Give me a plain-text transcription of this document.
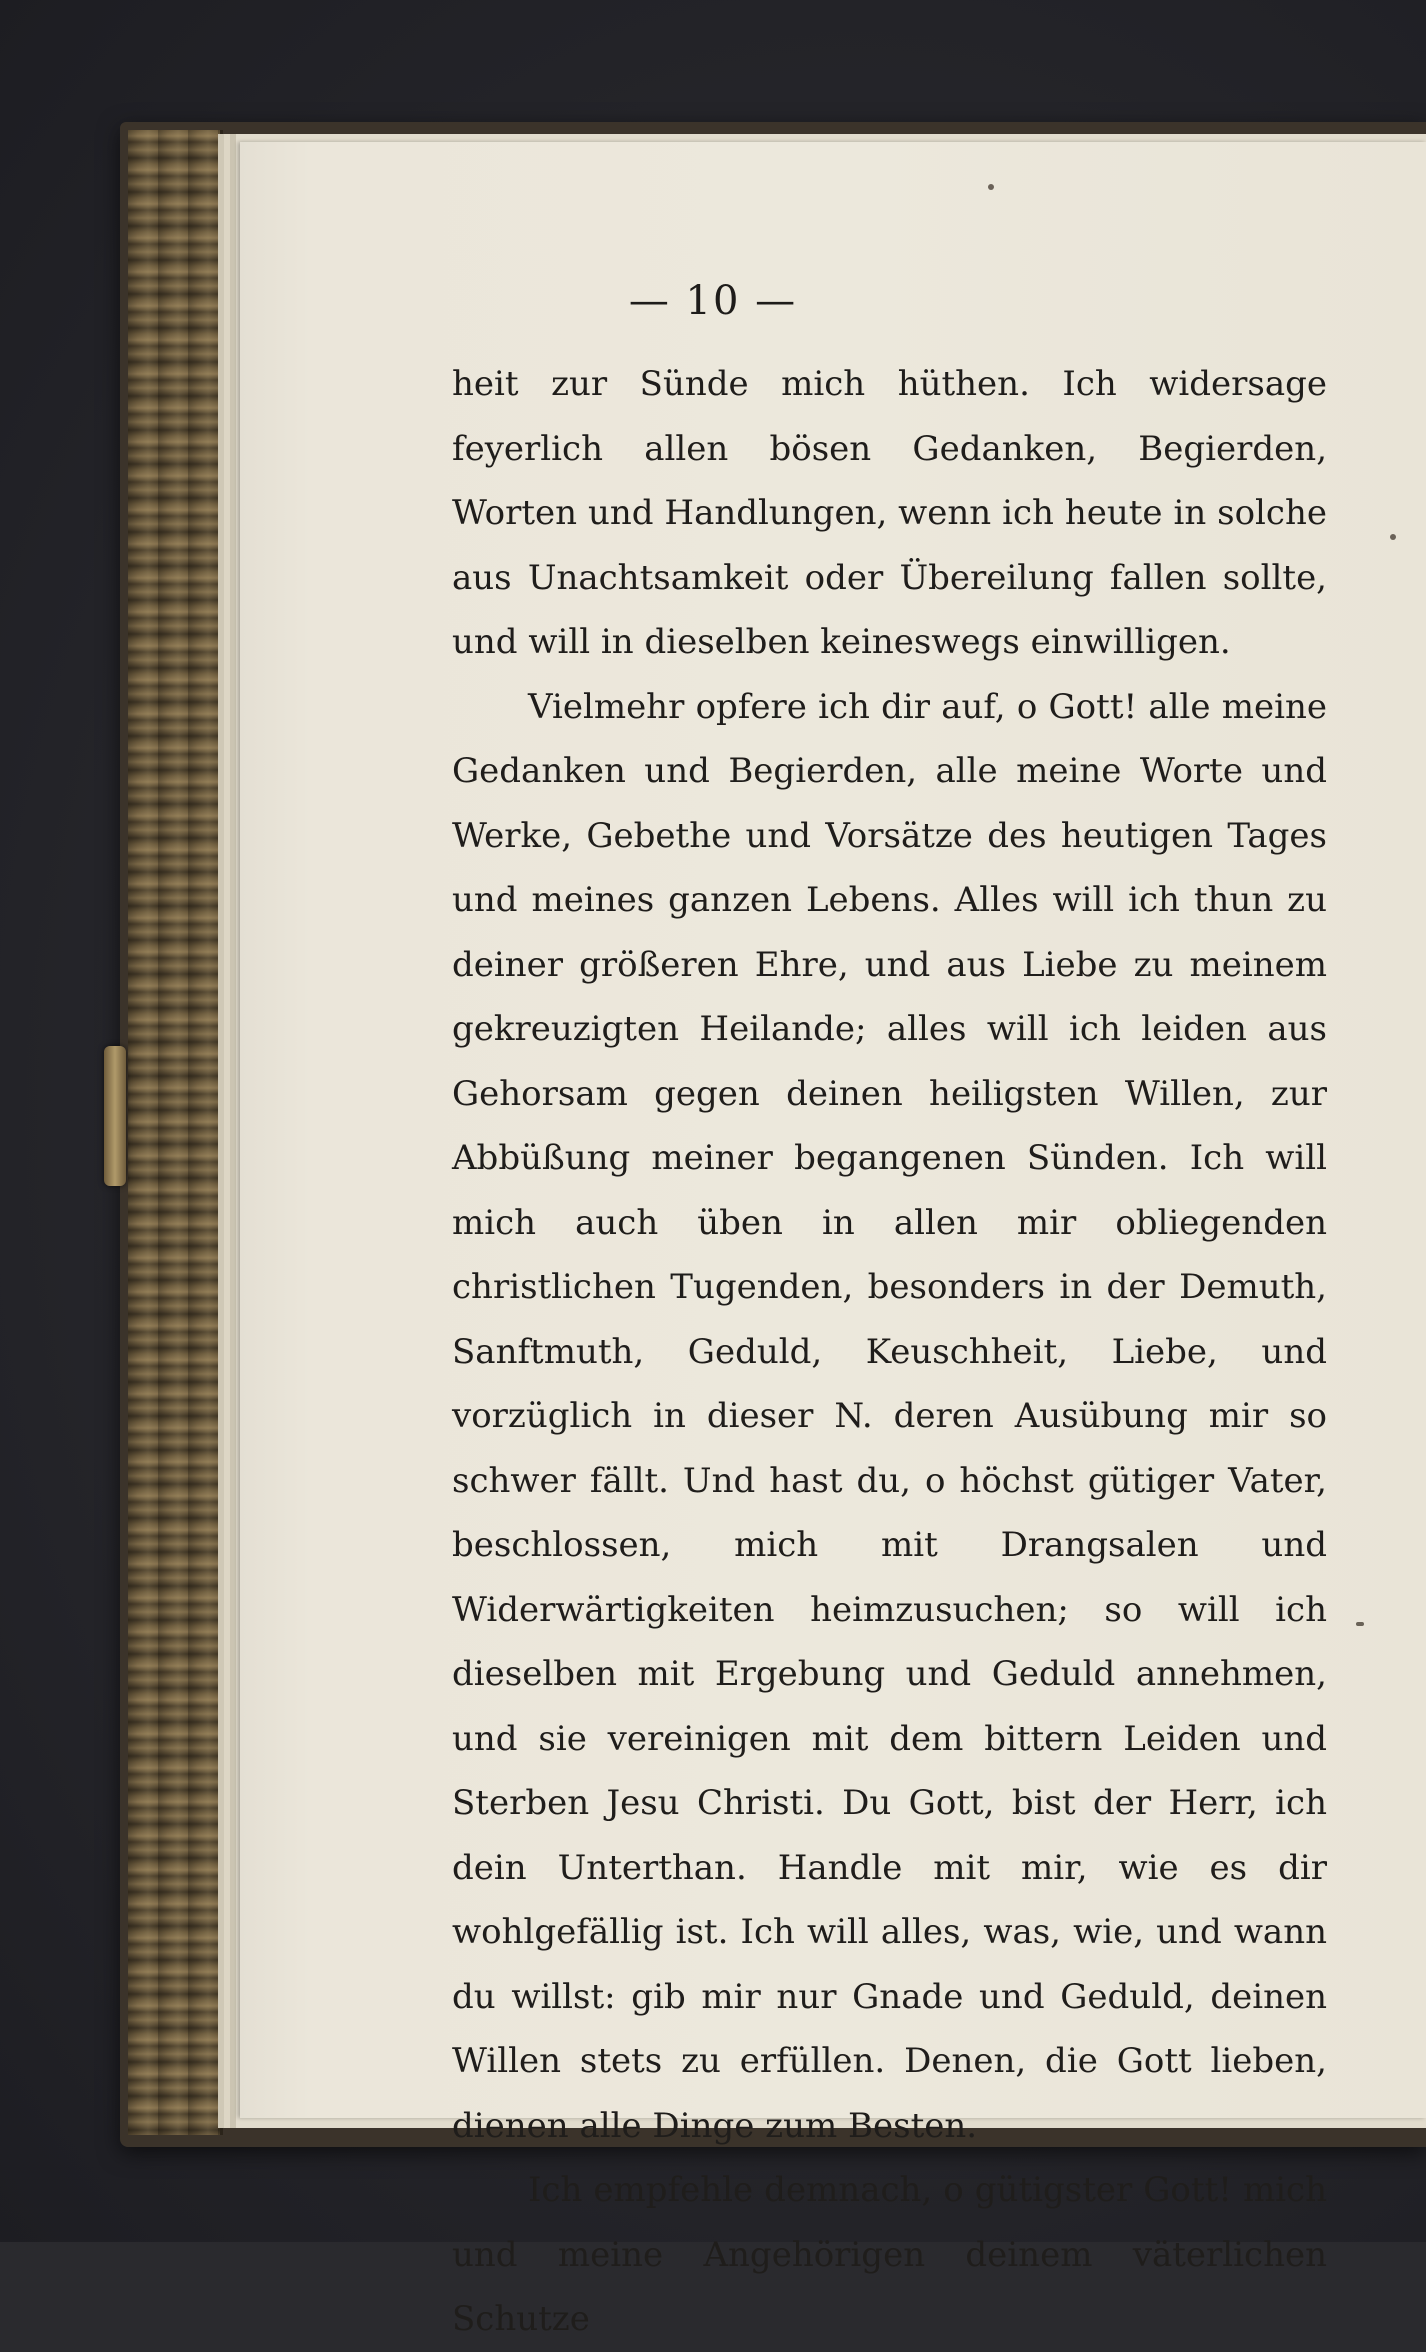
— 10 —

heit zur Sünde mich hüthen. Ich widersage feyerlich allen bösen Gedanken, Begierden, Worten und Handlungen, wenn ich heute in solche aus Unachtsamkeit oder Übereilung fallen sollte, und will in dieselben keineswegs einwilligen.

Vielmehr opfere ich dir auf, o Gott! alle meine Gedanken und Begierden, alle meine Worte und Werke, Gebethe und Vorsätze des heutigen Tages und meines ganzen Lebens. Alles will ich thun zu deiner größeren Ehre, und aus Liebe zu meinem gekreuzigten Heilande; alles will ich leiden aus Gehorsam gegen deinen heiligsten Willen, zur Abbüßung meiner begangenen Sünden. Ich will mich auch üben in allen mir obliegenden christlichen Tugenden, besonders in der Demuth, Sanftmuth, Geduld, Keuschheit, Liebe, und vorzüglich in dieser N. deren Ausübung mir so schwer fällt. Und hast du, o höchst gütiger Vater, beschlossen, mich mit Drangsalen und Widerwärtigkeiten heimzusuchen; so will ich dieselben mit Ergebung und Geduld annehmen, und sie vereinigen mit dem bittern Leiden und Sterben Jesu Christi. Du Gott, bist der Herr, ich dein Unterthan. Handle mit mir, wie es dir wohlgefällig ist. Ich will alles, was, wie, und wann du willst: gib mir nur Gnade und Geduld, deinen Willen stets zu erfüllen. Denen, die Gott lieben, dienen alle Dinge zum Besten.

Ich empfehle demnach, o gütigster Gott! mich und meine Angehörigen deinem väterlichen Schutze
